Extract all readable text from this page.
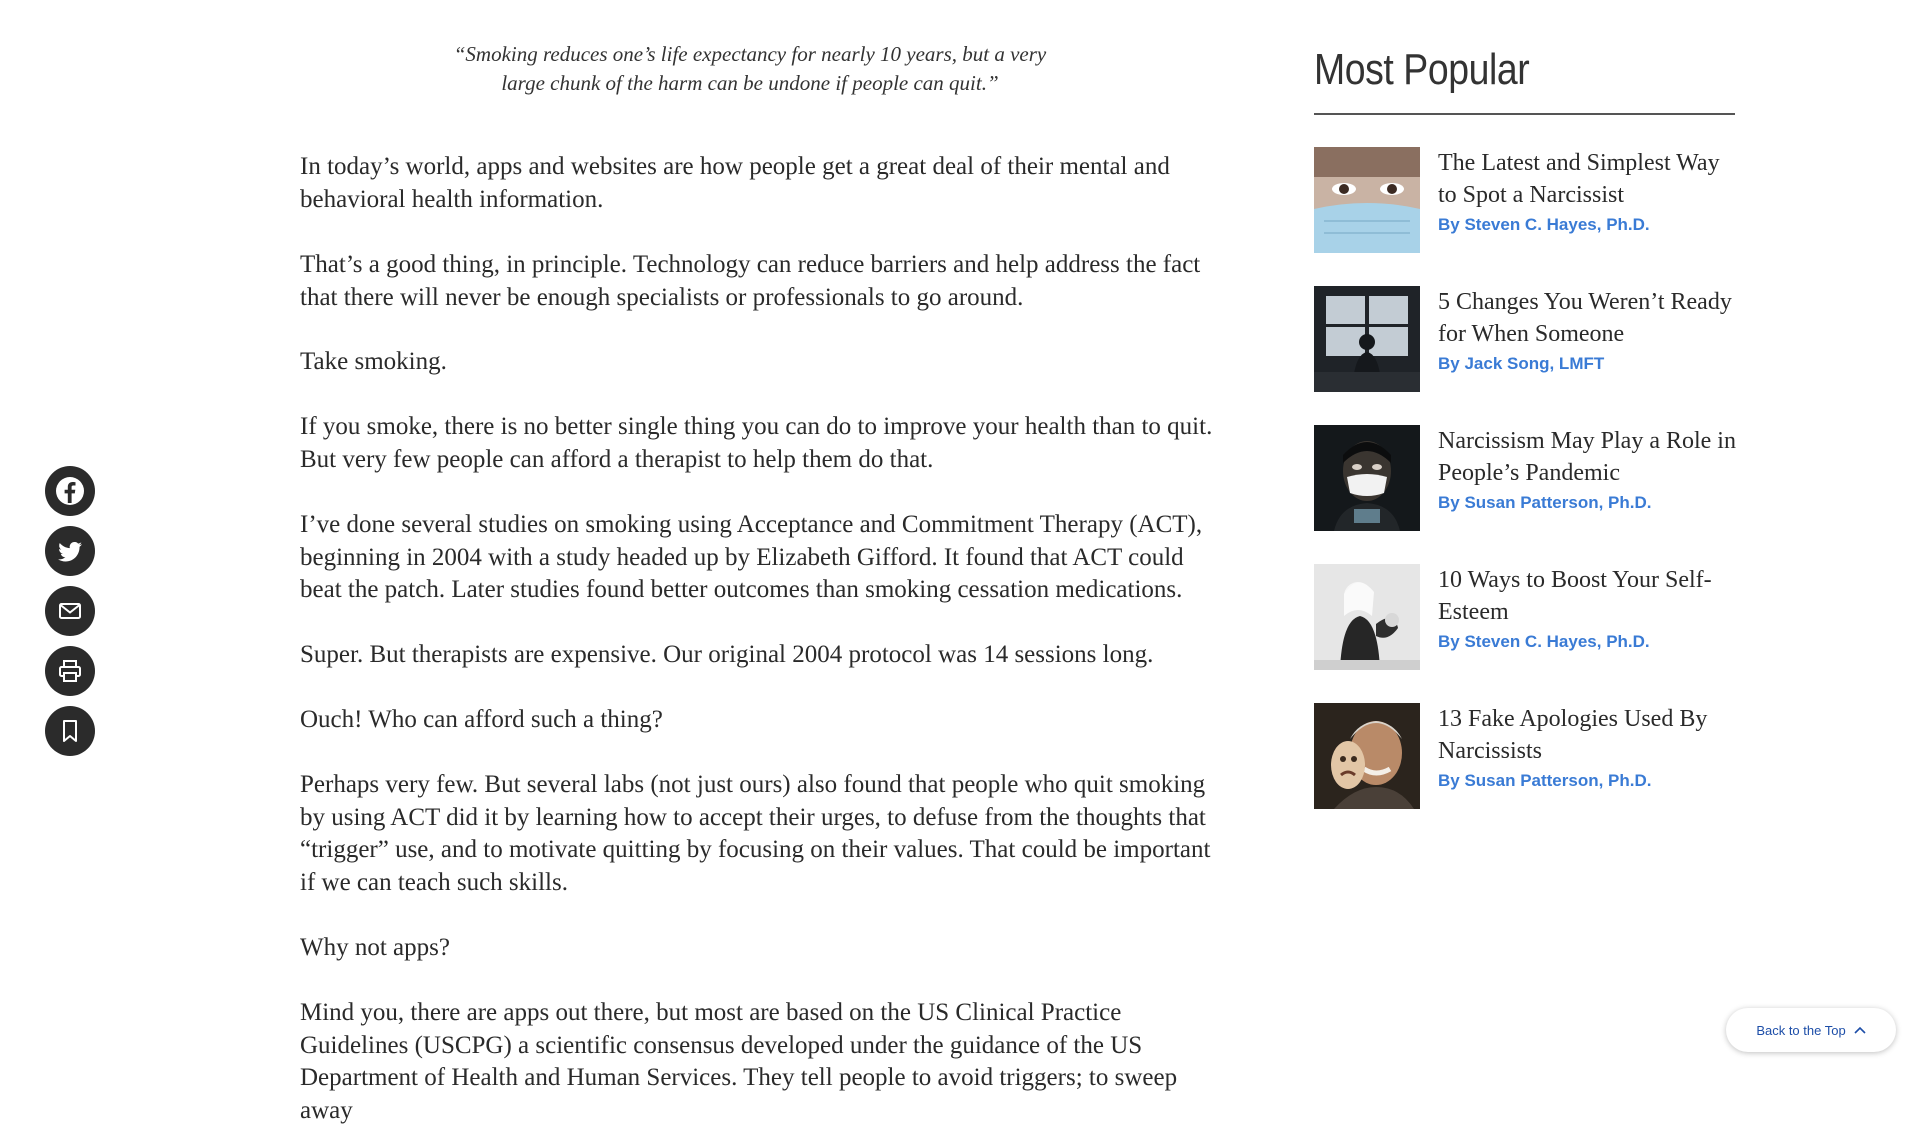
“Smoking reduces one’s life expectancy for nearly 10 years, but a very large chunk of the harm can be undone if people can quit.”

In today’s world, apps and websites are how people get a great deal of their mental and behavioral health information.

That’s a good thing, in principle. Technology can reduce barriers and help address the fact that there will never be enough specialists or professionals to go around.

Take smoking.

If you smoke, there is no better single thing you can do to improve your health than to quit. But very few people can afford a therapist to help them do that.

I’ve done several studies on smoking using Acceptance and Commitment Therapy (ACT), beginning in 2004 with a study headed up by Elizabeth Gifford. It found that ACT could beat the patch. Later studies found better outcomes than smoking cessation medications.

Super. But therapists are expensive. Our original 2004 protocol was 14 sessions long.

Ouch! Who can afford such a thing?

Perhaps very few. But several labs (not just ours) also found that people who quit smoking by using ACT did it by learning how to accept their urges, to defuse from the thoughts that “trigger” use, and to motivate quitting by focusing on their values. That could be important if we can teach such skills.

Why not apps?

Mind you, there are apps out there, but most are based on the US Clinical Practice Guidelines (USCPG) a scientific consensus developed under the guidance of the US Department of Health and Human Services. They tell people to avoid triggers; to sweep away

Most Popular
The Latest and Simplest Way to Spot a Narcissist
By Steven C. Hayes, Ph.D.
5 Changes You Weren’t Ready for When Someone
By Jack Song, LMFT
Narcissism May Play a Role in People’s Pandemic
By Susan Patterson, Ph.D.
10 Ways to Boost Your Self-Esteem
By Steven C. Hayes, Ph.D.
13 Fake Apologies Used By Narcissists
By Susan Patterson, Ph.D.
Back to the Top
